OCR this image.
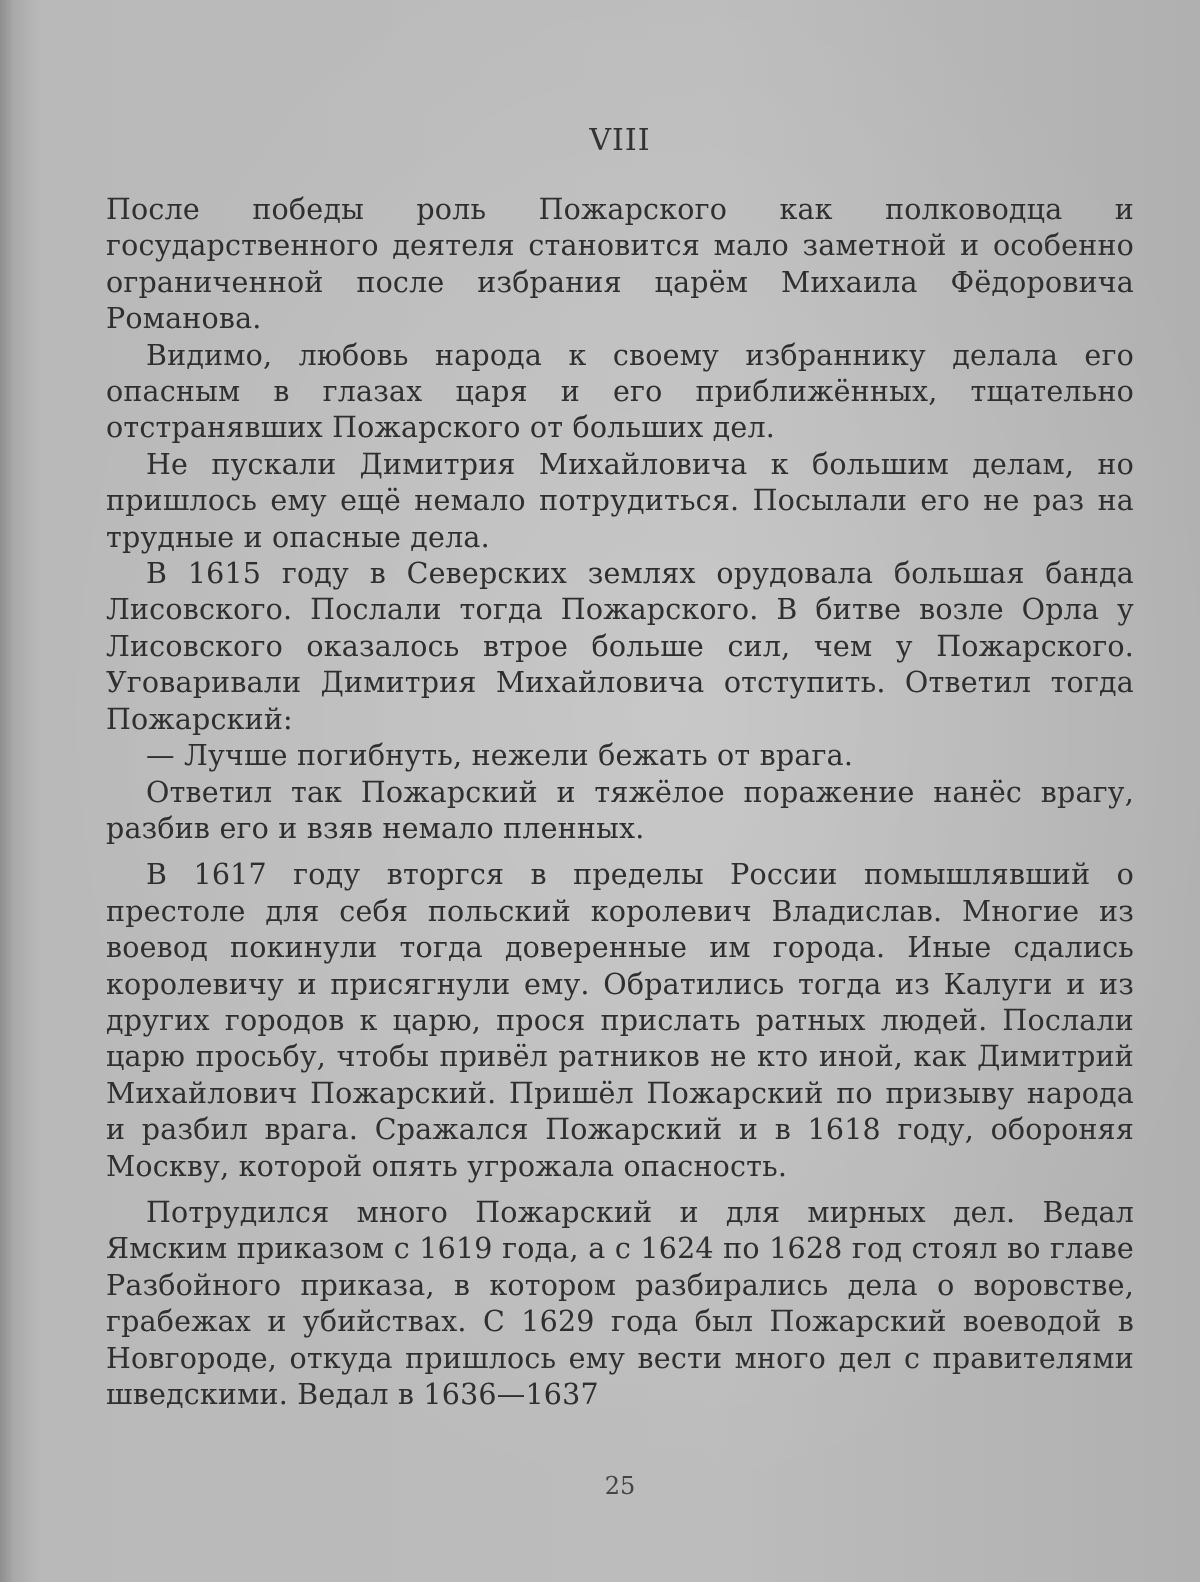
VIII

После победы роль Пожарского как полководца и государственного деятеля становится мало заметной и особенно ограниченной после избрания царём Михаила Фёдоровича Романова.

Видимо, любовь народа к своему избраннику делала его опасным в глазах царя и его приближённых, тщательно отстранявших Пожарского от больших дел.

Не пускали Димитрия Михайловича к большим делам, но пришлось ему ещё немало потрудиться. Посылали его не раз на трудные и опасные дела.

В 1615 году в Северских землях орудовала большая банда Лисовского. Послали тогда Пожарского. В битве возле Орла у Лисовского оказалось втрое больше сил, чем у Пожарского. Уговаривали Димитрия Михайловича отступить. Ответил тогда Пожарский:

— Лучше погибнуть, нежели бежать от врага.

Ответил так Пожарский и тяжёлое поражение нанёс врагу, разбив его и взяв немало пленных.

В 1617 году вторгся в пределы России помышлявший о престоле для себя польский королевич Владислав. Многие из воевод покинули тогда доверенные им города. Иные сдались королевичу и присягнули ему. Обратились тогда из Калуги и из других городов к царю, прося прислать ратных людей. Послали царю просьбу, чтобы привёл ратников не кто иной, как Димитрий Михайлович Пожарский. Пришёл Пожарский по призыву народа и разбил врага. Сражался Пожарский и в 1618 году, обороняя Москву, которой опять угрожала опасность.

Потрудился много Пожарский и для мирных дел. Ведал Ямским приказом с 1619 года, а с 1624 по 1628 год стоял во главе Разбойного приказа, в котором разбирались дела о воровстве, грабежах и убийствах. С 1629 года был Пожарский воеводой в Новгороде, откуда пришлось ему вести много дел с правителями шведскими. Ведал в 1636—1637

25
